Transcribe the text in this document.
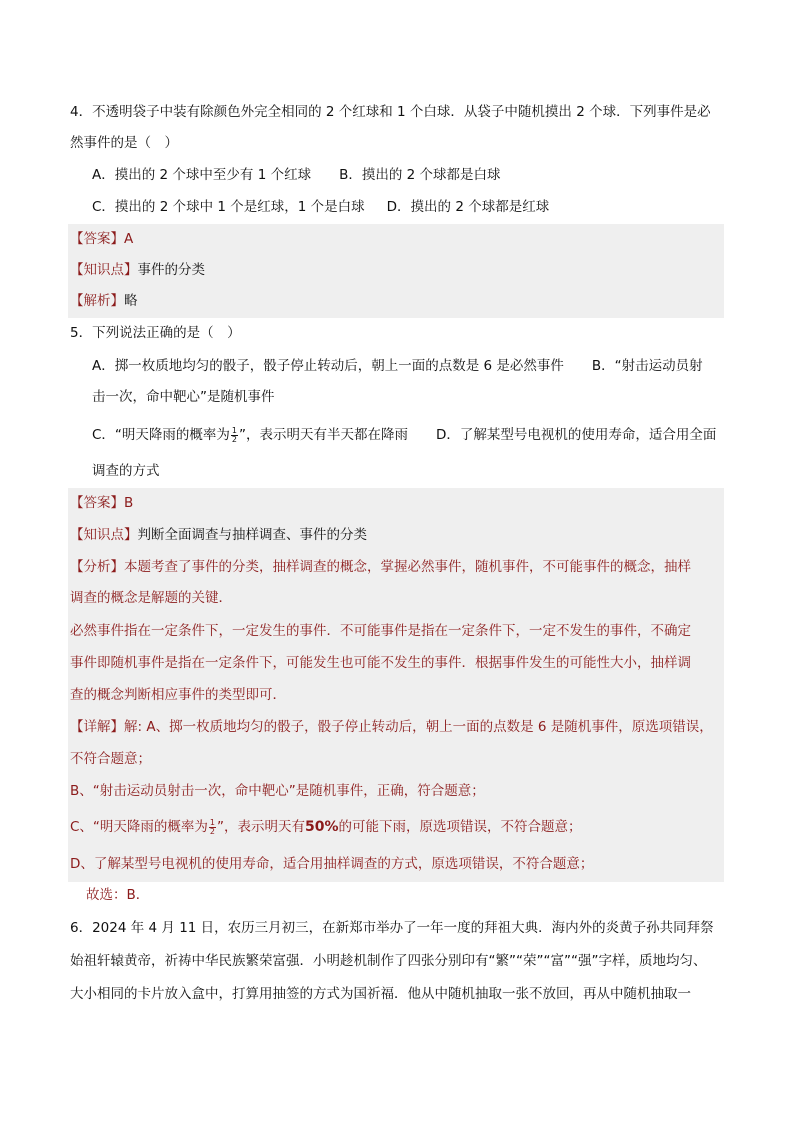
4．不透明袋子中装有除颜色外完全相同的 2 个红球和 1 个白球．从袋子中随机摸出 2 个球．下列事件是必
然事件的是（　）
A．摸出的 2 个球中至少有 1 个红球 B．摸出的 2 个球都是白球
C．摸出的 2 个球中 1 个是红球，1 个是白球 D．摸出的 2 个球都是红球
【答案】A
【知识点】事件的分类
【解析】略
5．下列说法正确的是（　）
A．掷一枚质地均匀的骰子，骰子停止转动后，朝上一面的点数是 6 是必然事件 B．“射击运动员射
击一次，命中靶心”是随机事件
C．“明天降雨的概率为 $\frac{1}{2}$ ”，表示明天有半天都在降雨 D．了解某型号电视机的使用寿命，适合用全面
调查的方式
【答案】B
【知识点】判断全面调查与抽样调查、事件的分类
【分析】本题考查了事件的分类，抽样调查的概念，掌握必然事件，随机事件，不可能事件的概念，抽样
调查的概念是解题的关键．
必然事件指在一定条件下，一定发生的事件．不可能事件是指在一定条件下，一定不发生的事件，不确定
事件即随机事件是指在一定条件下，可能发生也可能不发生的事件．根据事件发生的可能性大小，抽样调
查的概念判断相应事件的类型即可．
【详解】解: A、掷一枚质地均匀的骰子，骰子停止转动后，朝上一面的点数是 6 是随机事件，原选项错误，
不符合题意；
B、“射击运动员射击一次，命中靶心”是随机事件，正确，符合题意；
C、“明天降雨的概率为 $\frac{1}{2}$ ”，表示明天有50%的可能下雨，原选项错误，不符合题意；
D、了解某型号电视机的使用寿命，适合用抽样调查的方式，原选项错误，不符合题意；
故选：B．
6．2024 年 4 月 11 日，农历三月初三，在新郑市举办了一年一度的拜祖大典．海内外的炎黄子孙共同拜祭
始祖轩辕黄帝，祈祷中华民族繁荣富强．小明趁机制作了四张分别印有“繁”“荣”“富”“强”字样，质地均匀、
大小相同的卡片放入盒中，打算用抽签的方式为国祈福．他从中随机抽取一张不放回，再从中随机抽取一
